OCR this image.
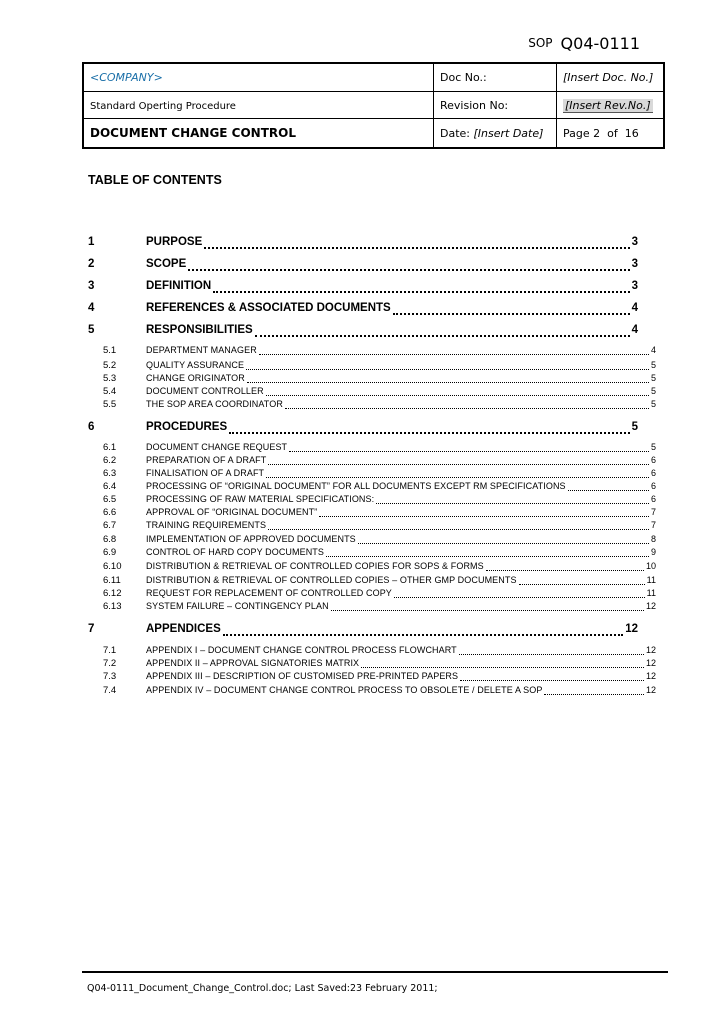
SOP Q04-0111
<COMPANY>	Doc No.:	[Insert Doc. No.]
Standard Operting Procedure	Revision No:	[Insert Rev.No.]
DOCUMENT CHANGE CONTROL	Date: [Insert Date]	Page 2 of 16
TABLE OF CONTENTS
1	PURPOSE	3
2	SCOPE	3
3	DEFINITION	3
4	REFERENCES & ASSOCIATED DOCUMENTS	4
5	RESPONSIBILITIES	4
5.1	DEPARTMENT MANAGER	4
5.2	QUALITY ASSURANCE	5
5.3	CHANGE ORIGINATOR	5
5.4	DOCUMENT CONTROLLER	5
5.5	THE SOP AREA COORDINATOR	5
6	PROCEDURES	5
6.1	DOCUMENT CHANGE REQUEST	5
6.2	PREPARATION OF A DRAFT	6
6.3	FINALISATION OF A DRAFT	6
6.4	PROCESSING OF “ORIGINAL DOCUMENT” FOR ALL DOCUMENTS EXCEPT RM SPECIFICATIONS	6
6.5	PROCESSING OF RAW MATERIAL SPECIFICATIONS:	6
6.6	APPROVAL OF “ORIGINAL DOCUMENT”	7
6.7	TRAINING REQUIREMENTS	7
6.8	IMPLEMENTATION OF APPROVED DOCUMENTS	8
6.9	CONTROL OF HARD COPY DOCUMENTS	9
6.10	DISTRIBUTION & RETRIEVAL OF CONTROLLED COPIES FOR SOPS & FORMS	10
6.11	DISTRIBUTION & RETRIEVAL OF CONTROLLED COPIES – OTHER GMP DOCUMENTS	11
6.12	REQUEST FOR REPLACEMENT OF CONTROLLED COPY	11
6.13	SYSTEM FAILURE – CONTINGENCY PLAN	12
7	APPENDICES	12
7.1	APPENDIX I – DOCUMENT CHANGE CONTROL PROCESS FLOWCHART	12
7.2	APPENDIX II – APPROVAL SIGNATORIES MATRIX	12
7.3	APPENDIX III – DESCRIPTION OF CUSTOMISED PRE-PRINTED PAPERS	12
7.4	APPENDIX IV – DOCUMENT CHANGE CONTROL PROCESS TO OBSOLETE / DELETE A SOP	12
Q04-0111_Document_Change_Control.doc; Last Saved:23 February 2011;
